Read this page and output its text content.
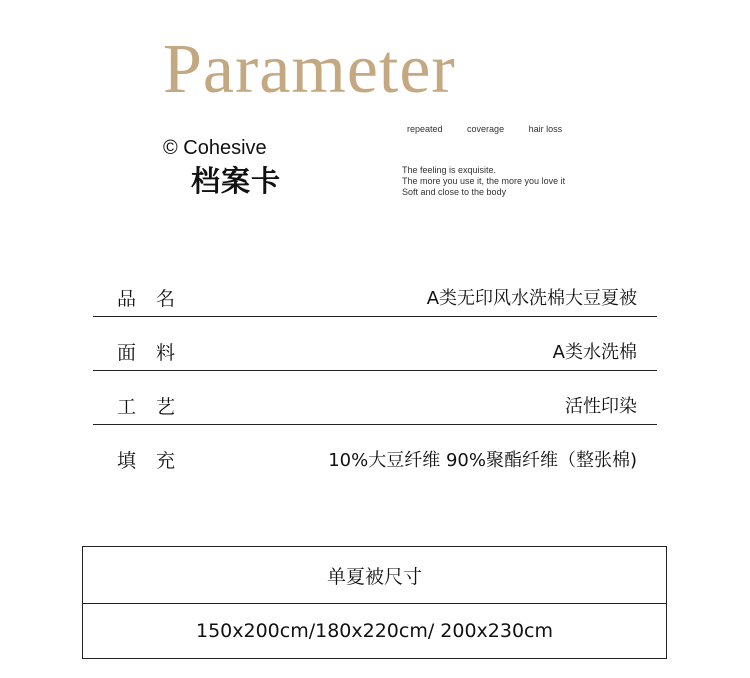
Parameter
© Cohesive
档案卡
repeated	coverage	hair loss
The feeling is exquisite.
The more you use it, the more you love it
Soft and close to the body
品名	A类无印风水洗棉大豆夏被
面料	A类水洗棉
工艺	活性印染
填充	10%大豆纤维 90%聚酯纤维（整张棉)
单夏被尺寸
150x200cm/180x220cm/ 200x230cm
